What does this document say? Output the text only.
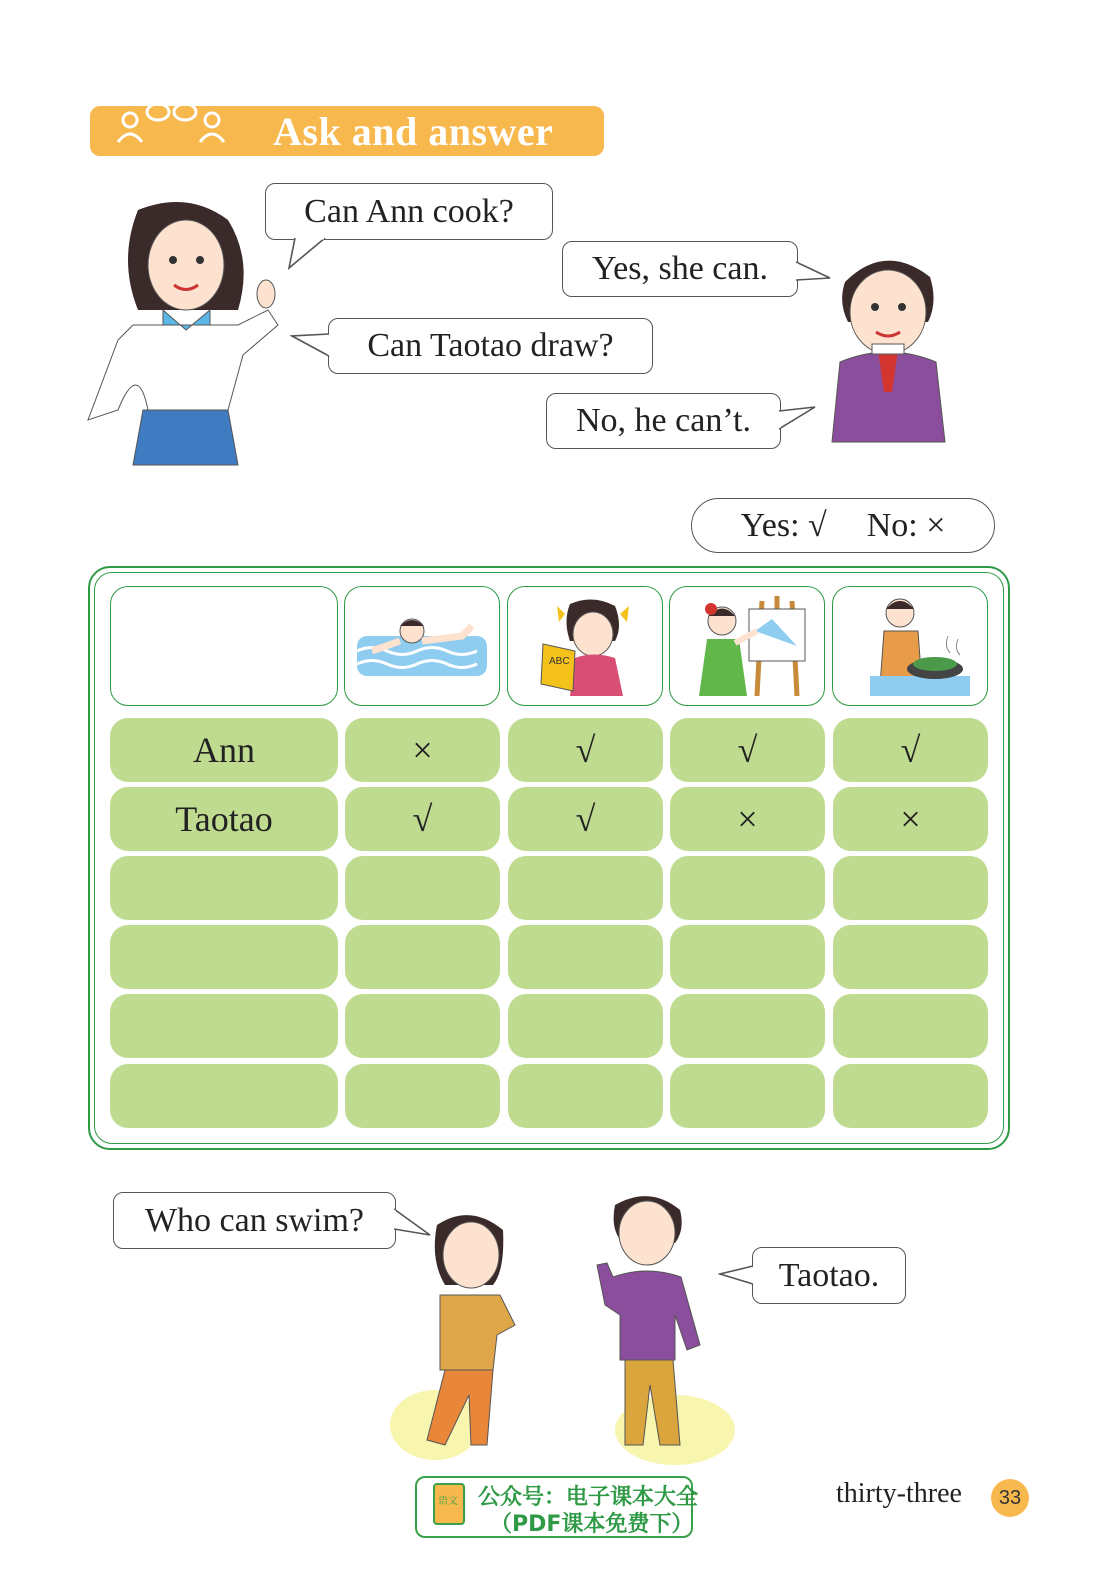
Ask and answer
Can Ann cook?
Yes, she can.
Can Taotao draw?
No, he can’t.
Yes: √ No: ×
ABC
Ann	×	√	√	√
Taotao	√	√	×	×
Who can swim?
Taotao.
语文 公众号：电子课本大全
（PDF课本免费下）
thirty-three	33
